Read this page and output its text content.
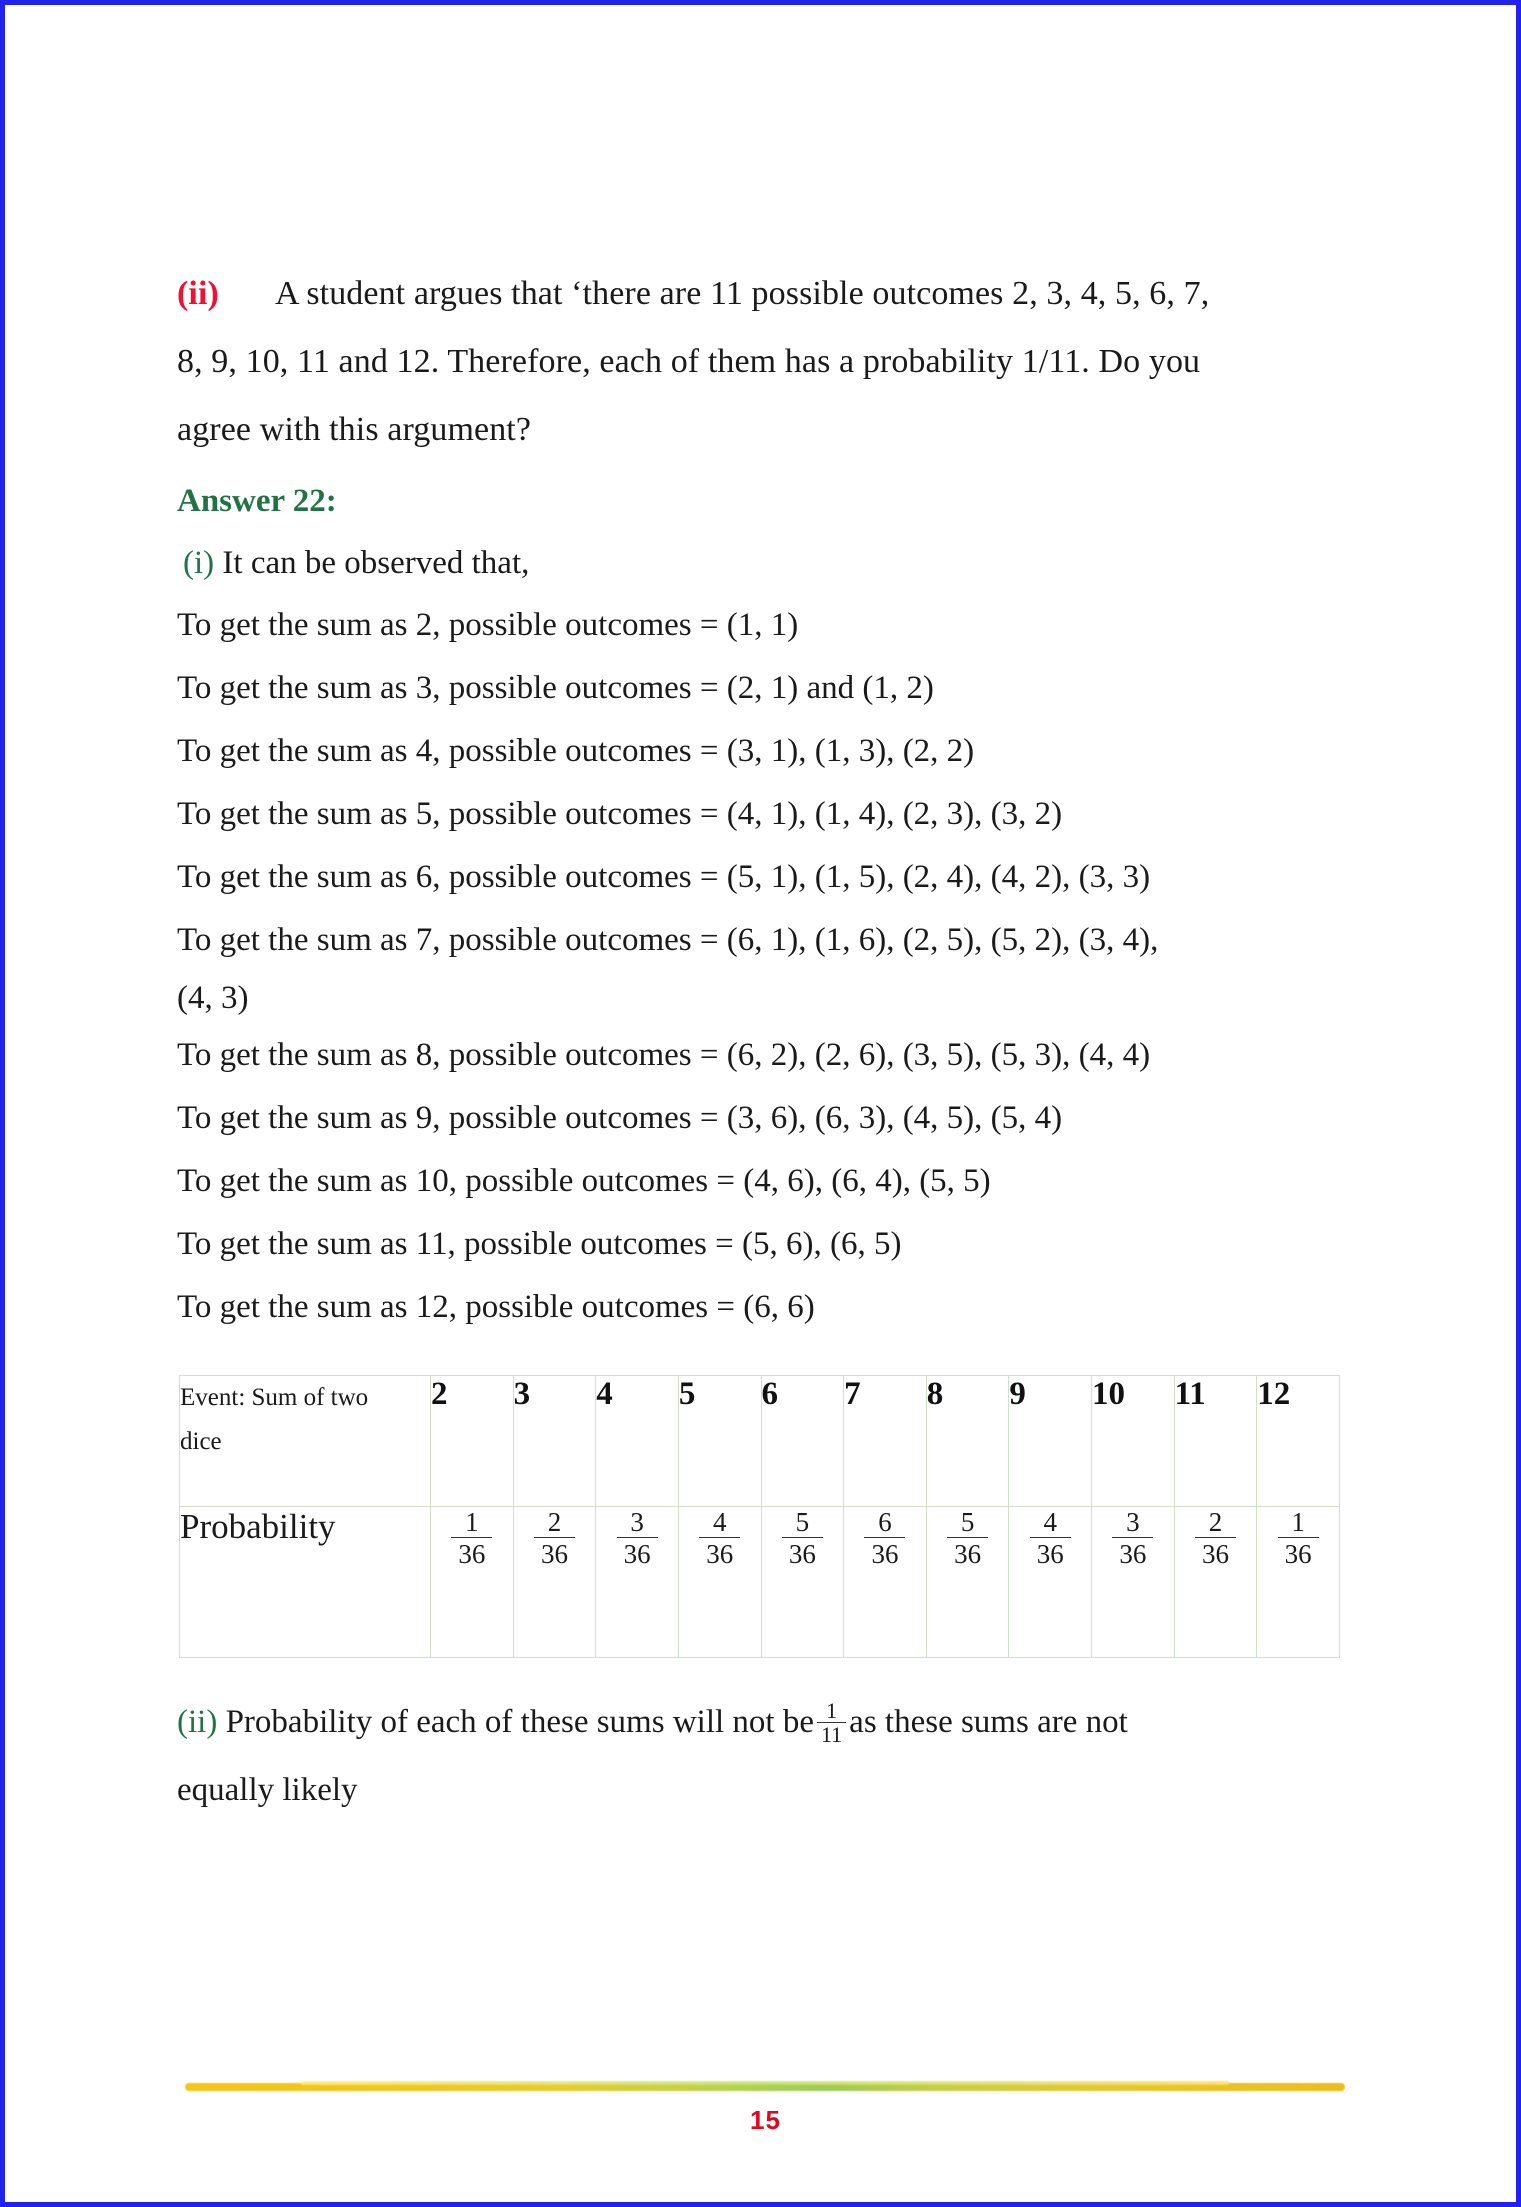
(ii) A student argues that ‘there are 11 possible outcomes 2, 3, 4, 5, 6, 7,
8, 9, 10, 11 and 12. Therefore, each of them has a probability 1/11. Do you
agree with this argument?
Answer 22:
(i) It can be observed that,
To get the sum as 2, possible outcomes = (1, 1)
To get the sum as 3, possible outcomes = (2, 1) and (1, 2)
To get the sum as 4, possible outcomes = (3, 1), (1, 3), (2, 2)
To get the sum as 5, possible outcomes = (4, 1), (1, 4), (2, 3), (3, 2)
To get the sum as 6, possible outcomes = (5, 1), (1, 5), (2, 4), (4, 2), (3, 3)
To get the sum as 7, possible outcomes = (6, 1), (1, 6), (2, 5), (5, 2), (3, 4),
(4, 3)
To get the sum as 8, possible outcomes = (6, 2), (2, 6), (3, 5), (5, 3), (4, 4)
To get the sum as 9, possible outcomes = (3, 6), (6, 3), (4, 5), (5, 4)
To get the sum as 10, possible outcomes = (4, 6), (6, 4), (5, 5)
To get the sum as 11, possible outcomes = (5, 6), (6, 5)
To get the sum as 12, possible outcomes = (6, 6)
Event: Sum of two
dice	2	3	4	5	6	7	8	9	10	11	12
Probability	$\frac{1}{36}$	$\frac{2}{36}$	$\frac{3}{36}$	$\frac{4}{36}$	$\frac{5}{36}$	$\frac{6}{36}$	$\frac{5}{36}$	$\frac{4}{36}$	$\frac{3}{36}$	$\frac{2}{36}$	$\frac{1}{36}$
(ii) Probability of each of these sums will not be $\frac{1}{11}$ as these sums are not
equally likely
15
